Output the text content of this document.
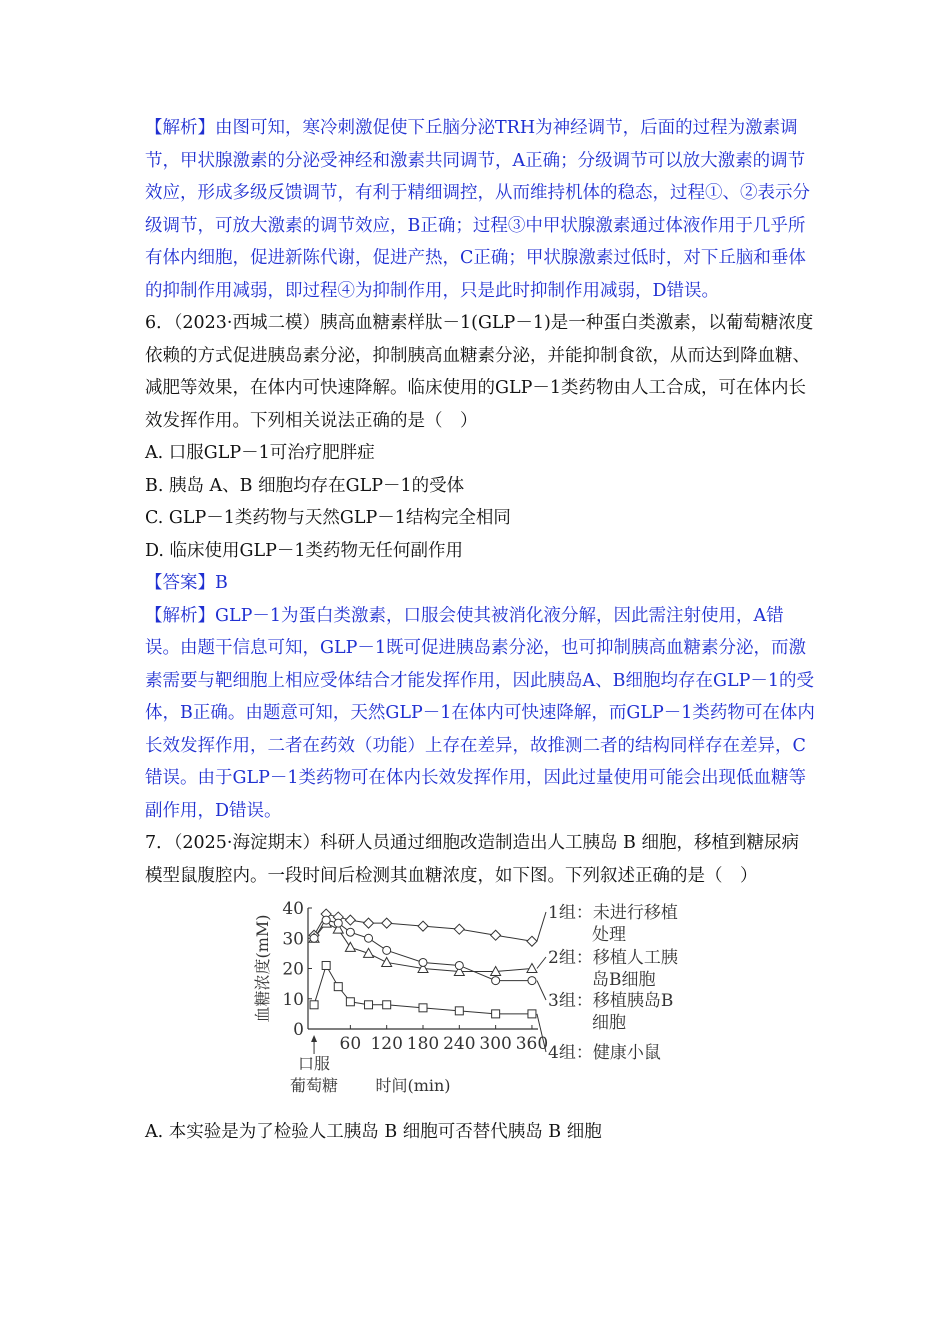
【解析】由图可知，寒冷刺激促使下丘脑分泌TRH为神经调节，后面的过程为激素调节，甲状腺激素的分泌受神经和激素共同调节，A正确；分级调节可以放大激素的调节效应，形成多级反馈调节，有利于精细调控，从而维持机体的稳态，过程①、②表示分级调节，可放大激素的调节效应，B正确；过程③中甲状腺激素通过体液作用于几乎所有体内细胞，促进新陈代谢，促进产热，C正确；甲状腺激素过低时，对下丘脑和垂体的抑制作用减弱，即过程④为抑制作用，只是此时抑制作用减弱，D错误。

6．（2023·西城二模）胰高血糖素样肽－1(GLP－1)是一种蛋白类激素，以葡萄糖浓度依赖的方式促进胰岛素分泌，抑制胰高血糖素分泌，并能抑制食欲，从而达到降血糖、减肥等效果，在体内可快速降解。临床使用的GLP－1类药物由人工合成，可在体内长效发挥作用。下列相关说法正确的是（　）

A. 口服GLP－1可治疗肥胖症

B. 胰岛 A、B 细胞均存在GLP－1的受体

C. GLP－1类药物与天然GLP－1结构完全相同

D. 临床使用GLP－1类药物无任何副作用

【答案】B

【解析】GLP－1为蛋白类激素，口服会使其被消化液分解，因此需注射使用，A错误。由题干信息可知，GLP－1既可促进胰岛素分泌，也可抑制胰高血糖素分泌，而激素需要与靶细胞上相应受体结合才能发挥作用，因此胰岛A、B细胞均存在GLP－1的受体，B正确。由题意可知，天然GLP－1在体内可快速降解，而GLP－1类药物可在体内长效发挥作用，二者在药效（功能）上存在差异，故推测二者的结构同样存在差异，C错误。由于GLP－1类药物可在体内长效发挥作用，因此过量使用可能会出现低血糖等副作用，D错误。

7．（2025·海淀期末）科研人员通过细胞改造制造出人工胰岛 B 细胞，移植到糖尿病模型鼠腹腔内。一段时间后检测其血糖浓度，如下图。下列叙述正确的是（　）

0
10
20
30
40
60 120 180 240 300 360
血糖浓度(mM)
时间(min)
口服
葡萄糖
1组：未进行移植
处理
2组：移植人工胰
岛B细胞
3组：移植胰岛B
细胞
4组：健康小鼠

A. 本实验是为了检验人工胰岛 B 细胞可否替代胰岛 B 细胞
